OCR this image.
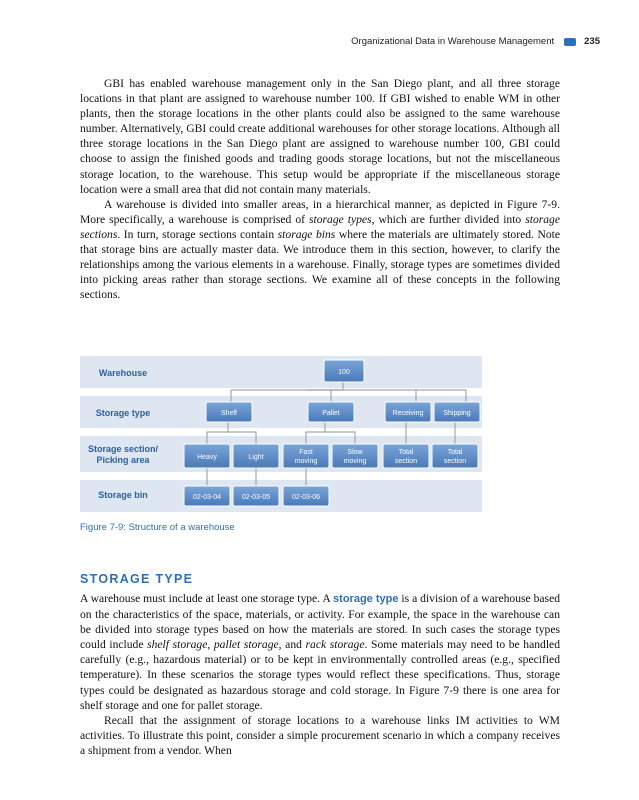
Organizational Data in Warehouse Management	235

GBI has enabled warehouse management only in the San Diego plant, and all three storage locations in that plant are assigned to warehouse number 100. If GBI wished to enable WM in other plants, then the storage locations in the other plants could also be assigned to the same warehouse number. Alternatively, GBI could create additional warehouses for other storage locations. Although all three storage locations in the San Diego plant are assigned to warehouse number 100, GBI could choose to assign the finished goods and trading goods storage locations, but not the miscellaneous storage location, to the warehouse. This setup would be appropriate if the miscellaneous storage location were a small area that did not contain many materials.

A warehouse is divided into smaller areas, in a hierarchical manner, as depicted in Figure 7-9. More specifically, a warehouse is comprised of storage types, which are further divided into storage sections. In turn, storage sections contain storage bins where the materials are ultimately stored. Note that storage bins are actually master data. We introduce them in this section, however, to clarify the relationships among the various elements in a warehouse. Finally, storage types are sometimes divided into picking areas rather than storage sections. We examine all of these concepts in the following sections.

Warehouse
Storage type
Storage section/
Picking area
Storage bin
100
Shelf	Pallet	Receiving	Shipping
Heavy	Light
Fast
moving
Slow
moving
Total
section
Total
section
02-03-04	02-03-05	02-03-06
Figure 7-9: Structure of a warehouse
STORAGE TYPE

A warehouse must include at least one storage type. A storage type is a division of a warehouse based on the characteristics of the space, materials, or activity. For example, the space in the warehouse can be divided into storage types based on how the materials are stored. In such cases the storage types could include shelf storage, pallet storage, and rack storage. Some materials may need to be handled carefully (e.g., hazardous material) or to be kept in environmentally controlled areas (e.g., specified temperature). In these scenarios the storage types would reflect these specifications. Thus, storage types could be designated as hazardous storage and cold storage. In Figure 7-9 there is one area for shelf storage and one for pallet storage.

Recall that the assignment of storage locations to a warehouse links IM activities to WM activities. To illustrate this point, consider a simple procurement scenario in which a company receives a shipment from a vendor. When
